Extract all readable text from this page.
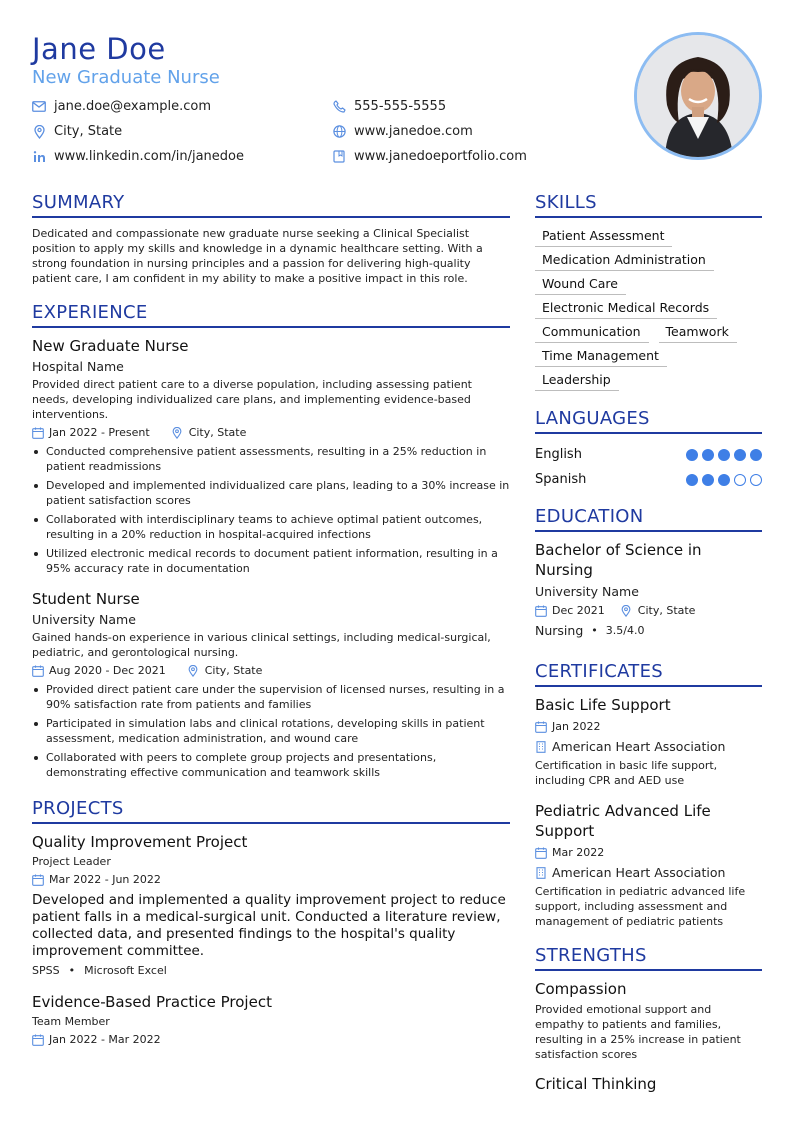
Jane Doe
New Graduate Nurse
jane.doe@example.com	555-555-5555
City, State	www.janedoe.com
www.linkedin.com/in/janedoe	www.janedoeportfolio.com
SUMMARY
Dedicated and compassionate new graduate nurse seeking a Clinical Specialist position to apply my skills and knowledge in a dynamic healthcare setting. With a strong foundation in nursing principles and a passion for delivering high-quality patient care, I am confident in my ability to make a positive impact in this role.
EXPERIENCE
New Graduate Nurse
Hospital Name
Provided direct patient care to a diverse population, including assessing patient needs, developing individualized care plans, and implementing evidence-based interventions.
Jan 2022 - Present	City, State
Conducted comprehensive patient assessments, resulting in a 25% reduction in patient readmissions
Developed and implemented individualized care plans, leading to a 30% increase in patient satisfaction scores
Collaborated with interdisciplinary teams to achieve optimal patient outcomes, resulting in a 20% reduction in hospital-acquired infections
Utilized electronic medical records to document patient information, resulting in a 95% accuracy rate in documentation
Student Nurse
University Name
Gained hands-on experience in various clinical settings, including medical-surgical, pediatric, and gerontological nursing.
Aug 2020 - Dec 2021	City, State
Provided direct patient care under the supervision of licensed nurses, resulting in a 90% satisfaction rate from patients and families
Participated in simulation labs and clinical rotations, developing skills in patient assessment, medication administration, and wound care
Collaborated with peers to complete group projects and presentations, demonstrating effective communication and teamwork skills
PROJECTS
Quality Improvement Project
Project Leader
Mar 2022 - Jun 2022
Developed and implemented a quality improvement project to reduce patient falls in a medical-surgical unit. Conducted a literature review, collected data, and presented findings to the hospital's quality improvement committee.
SPSS • Microsoft Excel
Evidence-Based Practice Project
Team Member
Jan 2022 - Mar 2022
SKILLS
Patient Assessment
Medication Administration
Wound Care
Electronic Medical Records
Communication	Teamwork
Time Management
Leadership
LANGUAGES
English
Spanish
EDUCATION
Bachelor of Science in Nursing
University Name
Dec 2021	City, State
Nursing • 3.5/4.0
CERTIFICATES
Basic Life Support
Jan 2022
American Heart Association
Certification in basic life support, including CPR and AED use
Pediatric Advanced Life Support
Mar 2022
American Heart Association
Certification in pediatric advanced life support, including assessment and management of pediatric patients
STRENGTHS
Compassion
Provided emotional support and empathy to patients and families, resulting in a 25% increase in patient satisfaction scores
Critical Thinking
